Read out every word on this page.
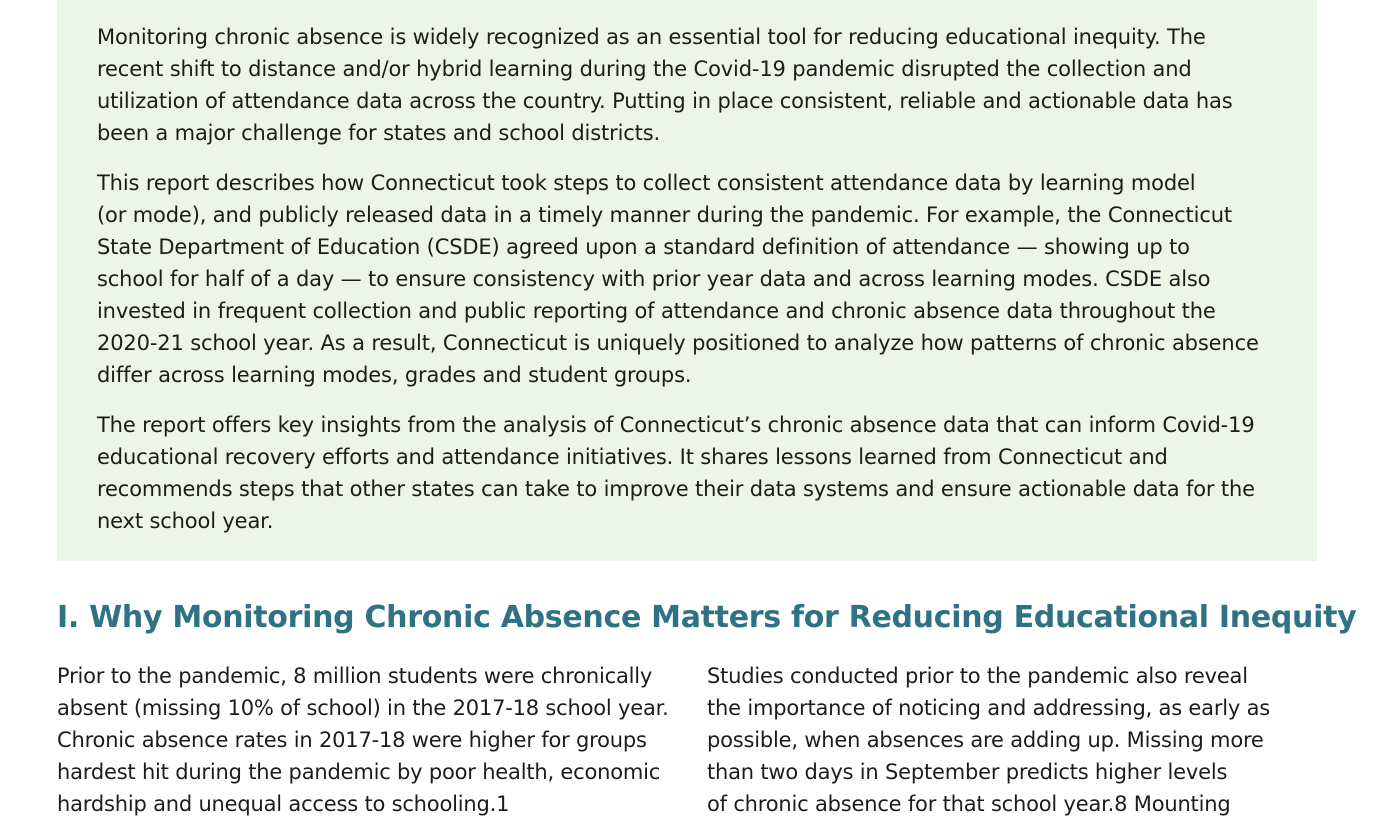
Monitoring chronic absence is widely recognized as an essential tool for reducing educational inequity. The
recent shift to distance and/or hybrid learning during the Covid-19 pandemic disrupted the collection and
utilization of attendance data across the country. Putting in place consistent, reliable and actionable data has
been a major challenge for states and school districts.

This report describes how Connecticut took steps to collect consistent attendance data by learning model
(or mode), and publicly released data in a timely manner during the pandemic. For example, the Connecticut
State Department of Education (CSDE) agreed upon a standard definition of attendance — showing up to
school for half of a day — to ensure consistency with prior year data and across learning modes. CSDE also
invested in frequent collection and public reporting of attendance and chronic absence data throughout the
2020-21 school year. As a result, Connecticut is uniquely positioned to analyze how patterns of chronic absence
differ across learning modes, grades and student groups.

The report offers key insights from the analysis of Connecticut’s chronic absence data that can inform Covid-19
educational recovery efforts and attendance initiatives. It shares lessons learned from Connecticut and
recommends steps that other states can take to improve their data systems and ensure actionable data for the
next school year.

I. Why Monitoring Chronic Absence Matters for Reducing Educational Inequity
Prior to the pandemic, 8 million students were chronically
absent (missing 10% of school) in the 2017-18 school year.
Chronic absence rates in 2017-18 were higher for groups
hardest hit during the pandemic by poor health, economic
hardship and unequal access to schooling.1
Studies conducted prior to the pandemic also reveal
the importance of noticing and addressing, as early as
possible, when absences are adding up. Missing more
than two days in September predicts higher levels
of chronic absence for that school year.8 Mounting
